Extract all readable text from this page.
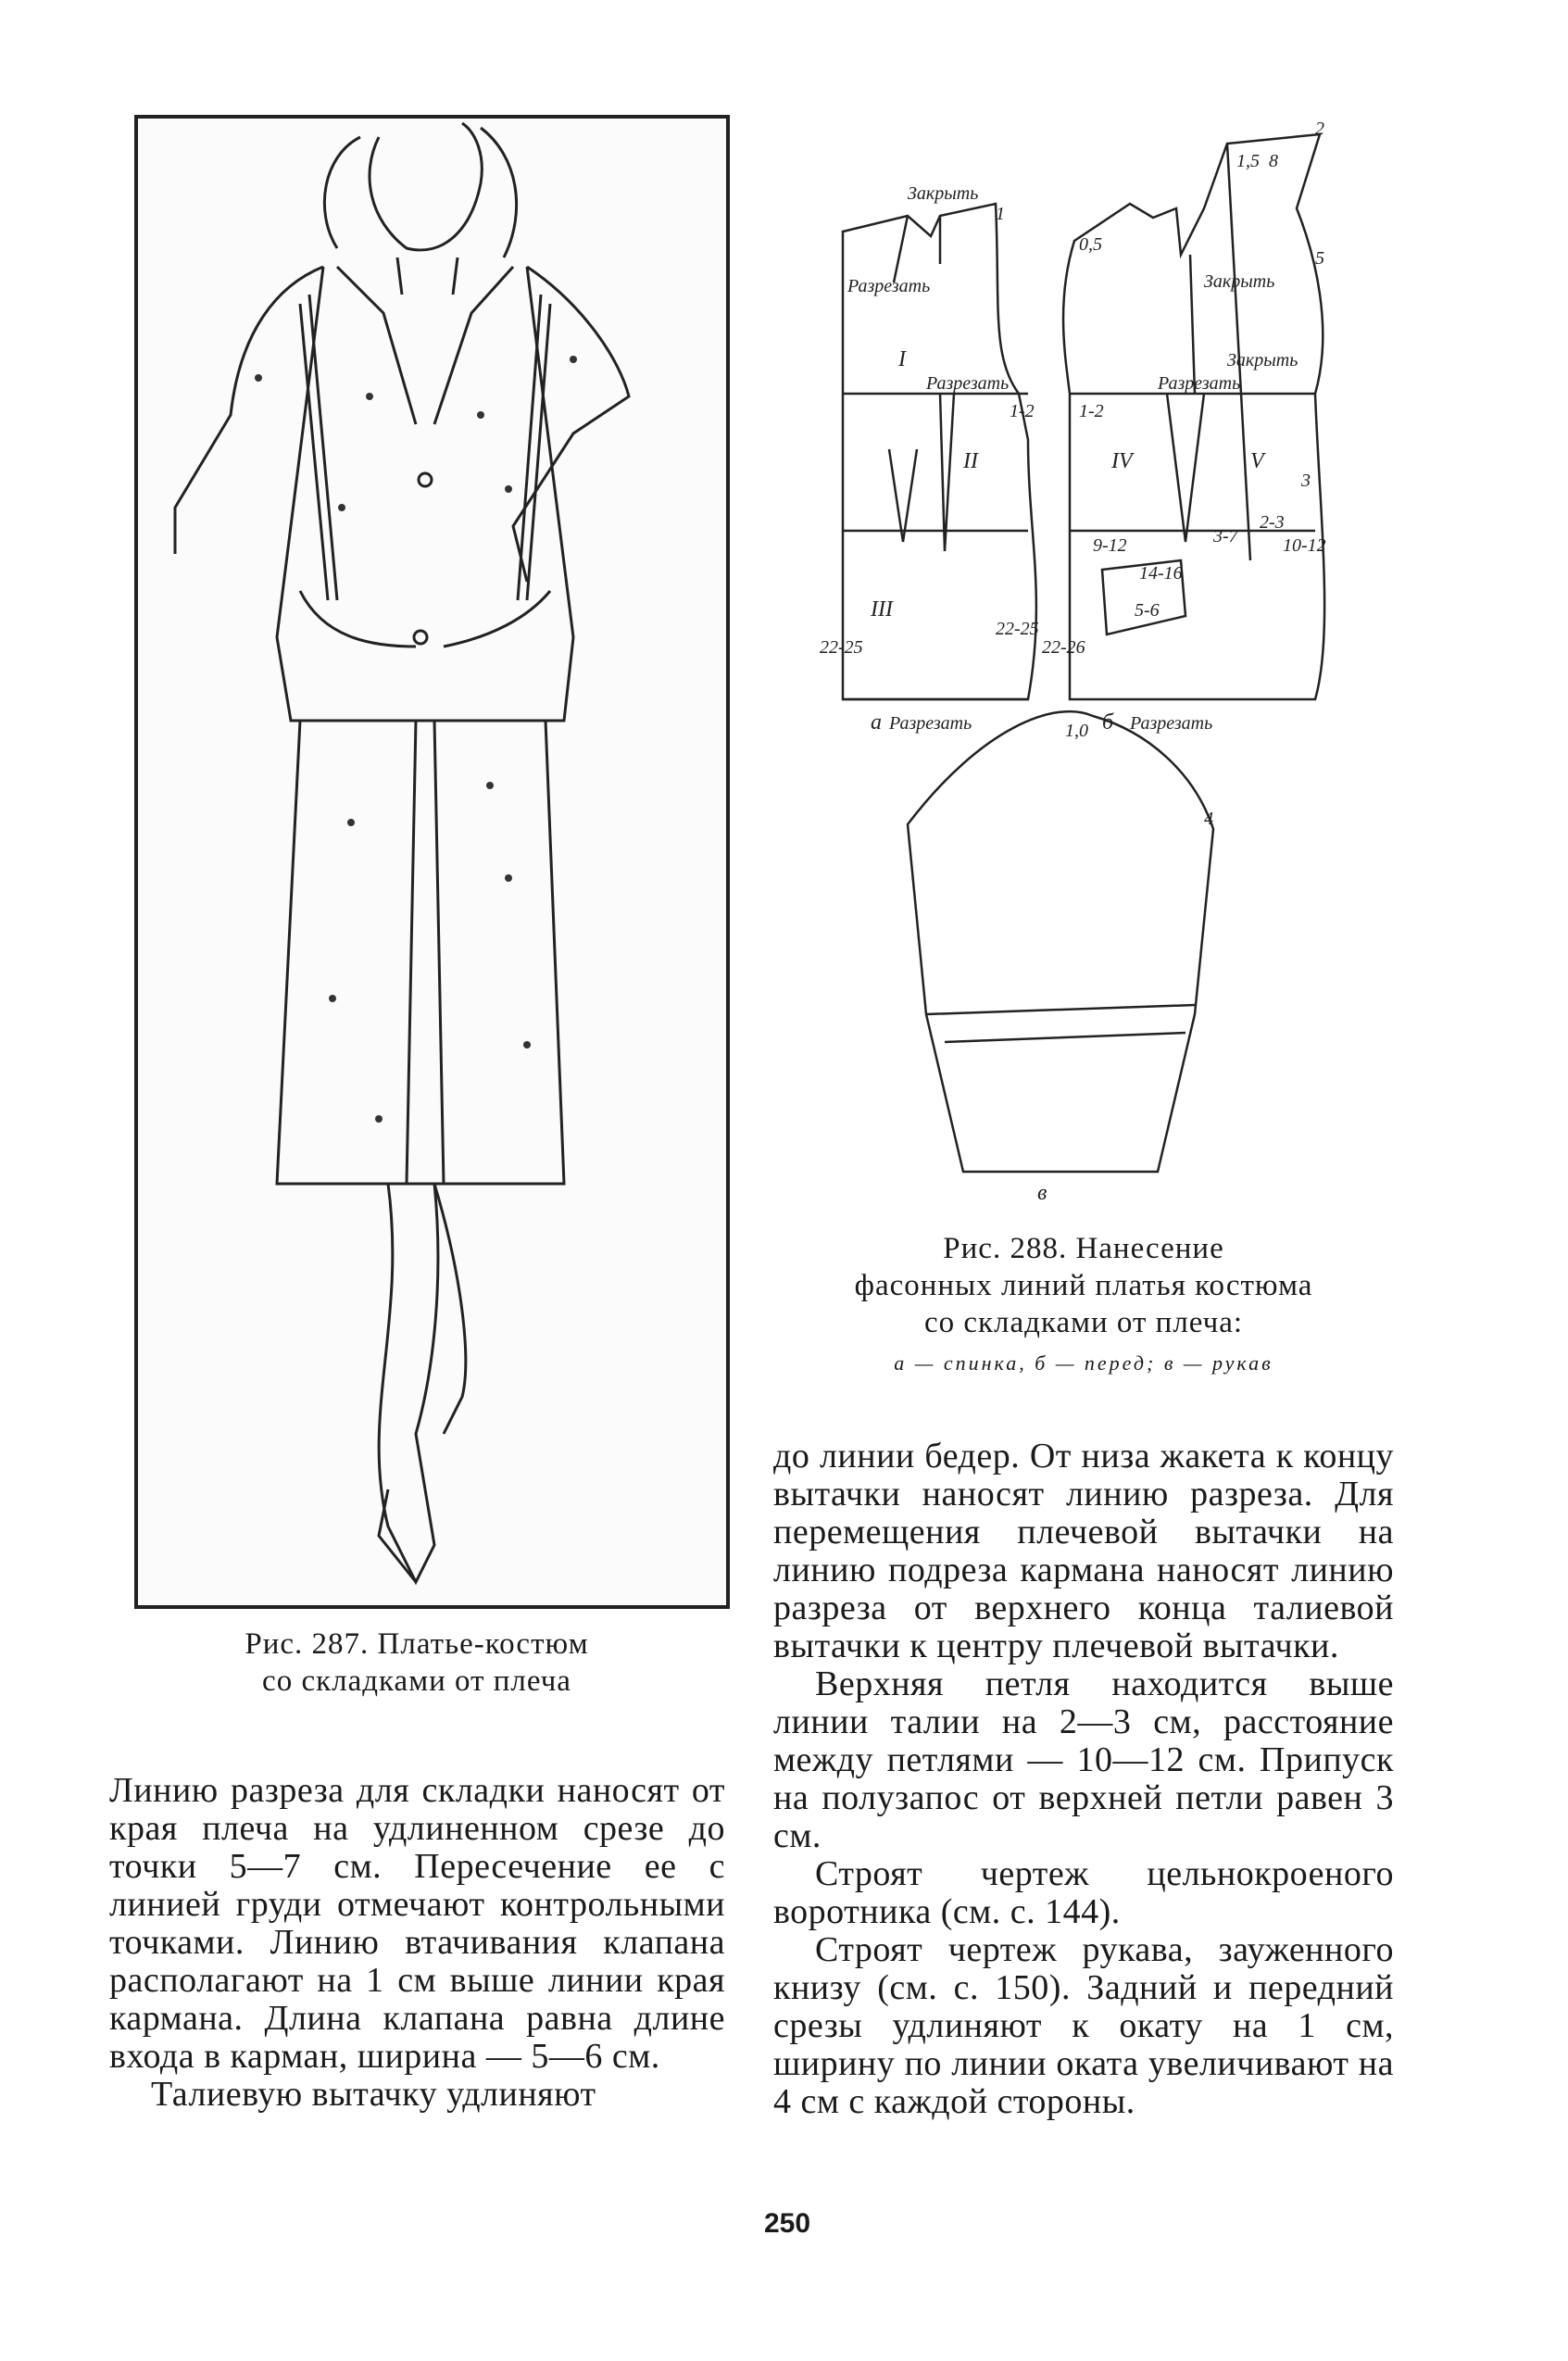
Рис. 287. Платье-костюм
со складками от плеча
Закрыть
Разрезать
I
II
III
IV	V
Разрезать	Разрезать
Закрыть
Закрыть
а Разрезать	б Разрезать
в
22-25
22-25
22-26
9-12
14-16
5-6
3-7 10-12
2-3
1-2 1-2
0,5
1,5 8
5
2
3
1
4
1,0
Рис. 288. Нанесение
фасонных линий платья костюма
со складками от плеча:
а — спинка, б — перед; в — рукав

до линии бедер. От низа жакета к концу вытачки наносят линию разреза. Для перемещения плечевой вытачки на линию подреза кармана наносят линию разреза от верхнего конца талиевой вытачки к центру плечевой вытачки.

Верхняя петля находится выше линии талии на 2—3 см, расстояние между петлями — 10—12 см. Припуск на полузапос от верхней петли равен 3 см.

Строят чертеж цельнокроеного воротника (см. с. 144).

Строят чертеж рукава, зауженного книзу (см. с. 150). Задний и передний срезы удлиняют к окату на 1 см, ширину по линии оката увеличивают на 4 см с каждой стороны.

Линию разреза для складки наносят от края плеча на удлиненном срезе до точки 5—7 см. Пересечение ее с линией груди отмечают контрольными точками. Линию втачивания клапана располагают на 1 см выше линии края кармана. Длина клапана равна длине входа в карман, ширина — 5—6 см.

Талиевую вытачку удлиняют

250
